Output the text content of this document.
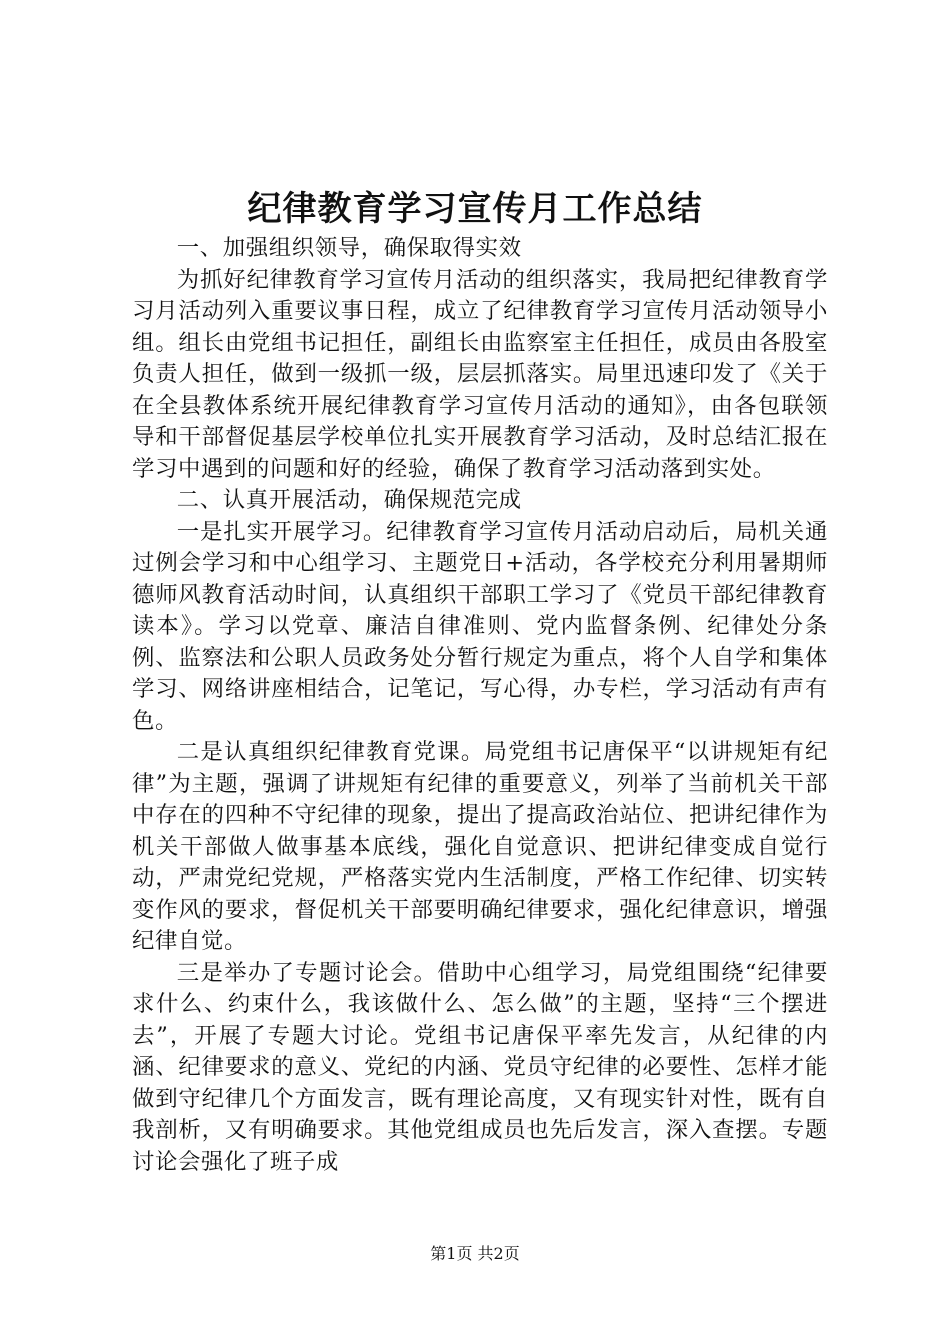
纪律教育学习宣传月工作总结

一、加强组织领导，确保取得实效

为抓好纪律教育学习宣传月活动的组织落实，我局把纪律教育学习月活动列入重要议事日程，成立了纪律教育学习宣传月活动领导小组。组长由党组书记担任，副组长由监察室主任担任，成员由各股室负责人担任，做到一级抓一级，层层抓落实。局里迅速印发了《关于在全县教体系统开展纪律教育学习宣传月活动的通知》，由各包联领导和干部督促基层学校单位扎实开展教育学习活动，及时总结汇报在学习中遇到的问题和好的经验，确保了教育学习活动落到实处。

二、认真开展活动，确保规范完成

一是扎实开展学习。纪律教育学习宣传月活动启动后，局机关通过例会学习和中心组学习、主题党日+活动，各学校充分利用暑期师德师风教育活动时间，认真组织干部职工学习了《党员干部纪律教育读本》。学习以党章、廉洁自律准则、党内监督条例、纪律处分条例、监察法和公职人员政务处分暂行规定为重点，将个人自学和集体学习、网络讲座相结合，记笔记，写心得，办专栏，学习活动有声有色。

二是认真组织纪律教育党课。局党组书记唐保平“以讲规矩有纪律”为主题，强调了讲规矩有纪律的重要意义，列举了当前机关干部中存在的四种不守纪律的现象，提出了提高政治站位、把讲纪律作为机关干部做人做事基本底线，强化自觉意识、把讲纪律变成自觉行动，严肃党纪党规，严格落实党内生活制度，严格工作纪律、切实转变作风的要求，督促机关干部要明确纪律要求，强化纪律意识，增强纪律自觉。

三是举办了专题讨论会。借助中心组学习，局党组围绕“纪律要求什么、约束什么，我该做什么、怎么做”的主题，坚持“三个摆进去”，开展了专题大讨论。党组书记唐保平率先发言，从纪律的内涵、纪律要求的意义、党纪的内涵、党员守纪律的必要性、怎样才能做到守纪律几个方面发言，既有理论高度，又有现实针对性，既有自我剖析，又有明确要求。其他党组成员也先后发言，深入查摆。专题讨论会强化了班子成

第1页 共2页
